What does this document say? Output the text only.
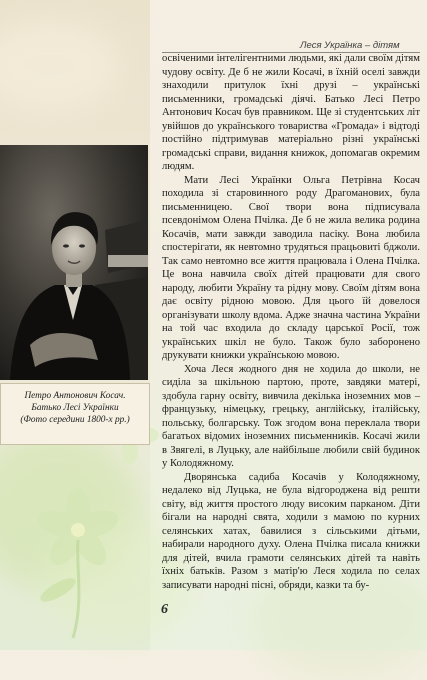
Леся Українка – дітям
Петро Антонович Косач.
Батько Лесі Українки
(Фото середини 1800-х рр.)

освіченими інтелігентними людьми, які дали своїм дітям чудову освіту. Де б не жили Косачі, в їхній оселі завжди знаходили притулок їхні друзі – українські письменники, громадські діячі. Батько Лесі Петро Антонович Косач був правником. Ще зі студентських літ увійшов до українського товариства «Громада» і відтоді постійно підтримував матеріально різні українські громадські справи, видання книжок, допомагав окремим людям.

Мати Лесі Українки Ольга Петрівна Косач походила зі старовинного роду Драгоманових, була письменницею. Свої твори вона підписувала псевдонімом Олена Пчілка. Де б не жила велика родина Косачів, мати завжди заводила пасіку. Вона любила спостерігати, як невтомно трудяться працьовиті бджоли. Так само невтомно все життя працювала і Олена Пчілка. Це вона навчила своїх дітей працювати для свого народу, любити Україну та рідну мову. Своїм дітям вона дає освіту рідною мовою. Для цього їй довелося організувати школу вдома. Адже значна частина України на той час входила до складу царської Росії, тож українських шкіл не було. Також було заборонено друкувати книжки українською мовою.

Хоча Леся жодного дня не ходила до школи, не сиділа за шкільною партою, проте, завдяки матері, здобула гарну освіту, вивчила декілька іноземних мов – французьку, німецьку, грецьку, англійську, італійську, польську, болгарську. Тож згодом вона переклала твори багатьох відомих іноземних письменників. Косачі жили в Звягелі, в Луцьку, але найбільше любили свій будинок у Колодяжному.

Дворянська садиба Косачів у Колодяжному, недалеко від Луцька, не була відгороджена від решти світу, від життя простого люду високим парканом. Діти бігали на народні свята, ходили з мамою по курних селянських хатах, бавилися з сільськими дітьми, набирали народного духу. Олена Пчілка писала книжки для дітей, вчила грамоти селянських дітей та навіть їхніх батьків. Разом з матір'ю Леся ходила по селах записувати народні пісні, обряди, казки та бу-

6
